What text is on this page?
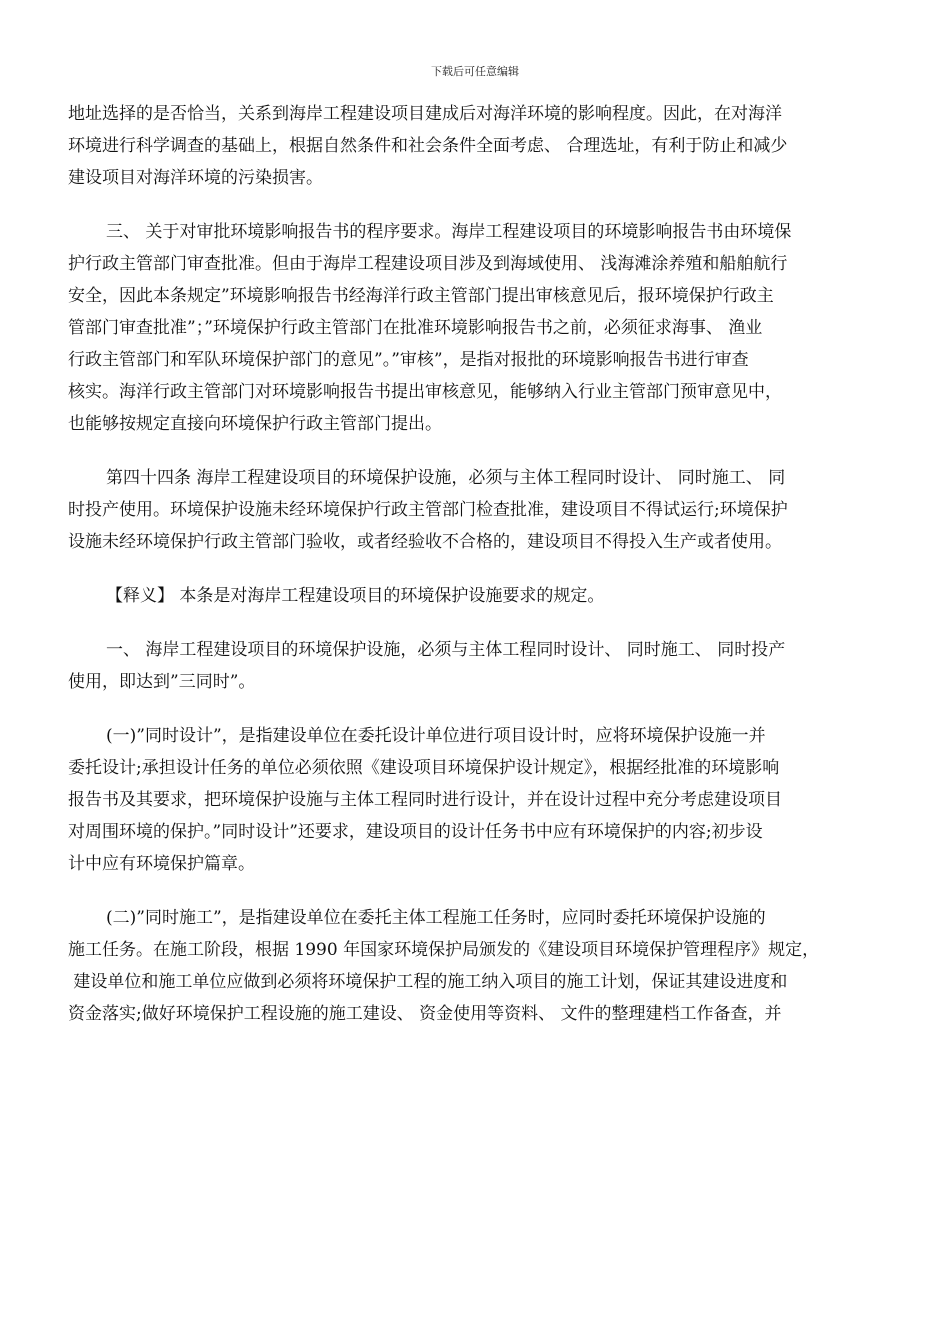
下载后可任意编辑
地址选择的是否恰当，关系到海岸工程建设项目建成后对海洋环境的影响程度。因此，在对海洋
环境进行科学调查的基础上，根据自然条件和社会条件全面考虑、 合理选址，有利于防止和减少
建设项目对海洋环境的污染损害。
三、 关于对审批环境影响报告书的程序要求。海岸工程建设项目的环境影响报告书由环境保
护行政主管部门审查批准。但由于海岸工程建设项目涉及到海域使用、 浅海滩涂养殖和船舶航行
安全，因此本条规定”环境影响报告书经海洋行政主管部门提出审核意见后，报环境保护行政主
管部门审查批准”；”环境保护行政主管部门在批准环境影响报告书之前，必须征求海事、 渔业
行政主管部门和军队环境保护部门的意见”。”审核”，是指对报批的环境影响报告书进行审查
核实。海洋行政主管部门对环境影响报告书提出审核意见，能够纳入行业主管部门预审意见中，
也能够按规定直接向环境保护行政主管部门提出。
第四十四条 海岸工程建设项目的环境保护设施，必须与主体工程同时设计、 同时施工、 同
时投产使用。环境保护设施未经环境保护行政主管部门检查批准，建设项目不得试运行;环境保护
设施未经环境保护行政主管部门验收，或者经验收不合格的，建设项目不得投入生产或者使用。
【释义】 本条是对海岸工程建设项目的环境保护设施要求的规定。
一、 海岸工程建设项目的环境保护设施，必须与主体工程同时设计、 同时施工、 同时投产
使用，即达到”三同时”。
(一)”同时设计”，是指建设单位在委托设计单位进行项目设计时，应将环境保护设施一并
委托设计;承担设计任务的单位必须依照《建设项目环境保护设计规定》，根据经批准的环境影响
报告书及其要求，把环境保护设施与主体工程同时进行设计，并在设计过程中充分考虑建设项目
对周围环境的保护。”同时设计”还要求，建设项目的设计任务书中应有环境保护的内容;初步设
计中应有环境保护篇章。
(二)”同时施工”，是指建设单位在委托主体工程施工任务时，应同时委托环境保护设施的
施工任务。在施工阶段，根据 1990 年国家环境保护局颁发的《建设项目环境保护管理程序》规定，
建设单位和施工单位应做到必须将环境保护工程的施工纳入项目的施工计划，保证其建设进度和
资金落实;做好环境保护工程设施的施工建设、 资金使用等资料、 文件的整理建档工作备查，并
